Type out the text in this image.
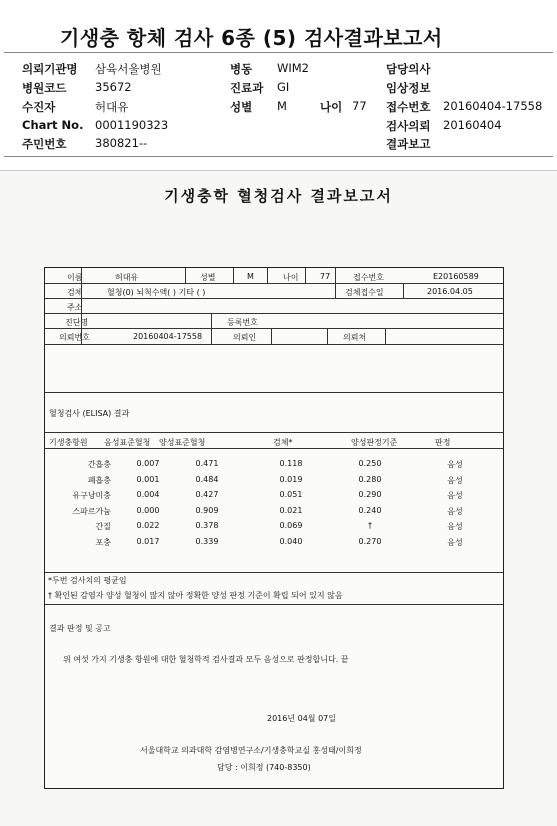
기생충 항체 검사 6종 (5) 검사결과보고서
의뢰기관명 삼육서울병원	병동 WIM2	담당의사
병원코드 35672	진료과 GI	임상정보
수진자	허대유	성별 M	나이 77 접수번호 20160404-17558
Chart No. 0001190323	검사의뢰 20160404
주민번호 380821--	결과보고
기생충학 혈청검사 결과보고서
이름	허대유	성별	M	나이	77	접수번호	E20160589
검체	혈청(0) 뇌척수액( ) 기타 ( )	검체접수일	2016.04.05
주소
진단명	등록번호
의뢰번호	20160404-17558	의뢰인	의뢰처
혈청검사 (ELISA) 결과
기생충항원 음성표준혈청 양성표준혈청	검체*	양성판정기준	판정
간흡충	0.007	0.471	0.118	0.250	음성
폐흡충	0.001	0.484	0.019	0.280	음성
유구낭미충	0.004	0.427	0.051	0.290	음성
스파르가눔	0.000	0.909	0.021	0.240	음성
간질	0.022	0.378	0.069	†	음성
포충	0.017	0.339	0.040	0.270	음성
*두번 검사치의 평균임
† 확인된 감염자 양성 혈청이 많지 않아 정확한 양성 판정 기준이 확립 되어 있지 않음
결과 판정 및 공고
위 여섯 가지 기생충 항원에 대한 혈청학적 검사결과 모두 음성으로 판정합니다. 끝
2016년 04월 07일
서울대학교 의과대학 감염병연구소/기생충학교실 홍성태/이희정
담당 : 이희정 (740-8350)
